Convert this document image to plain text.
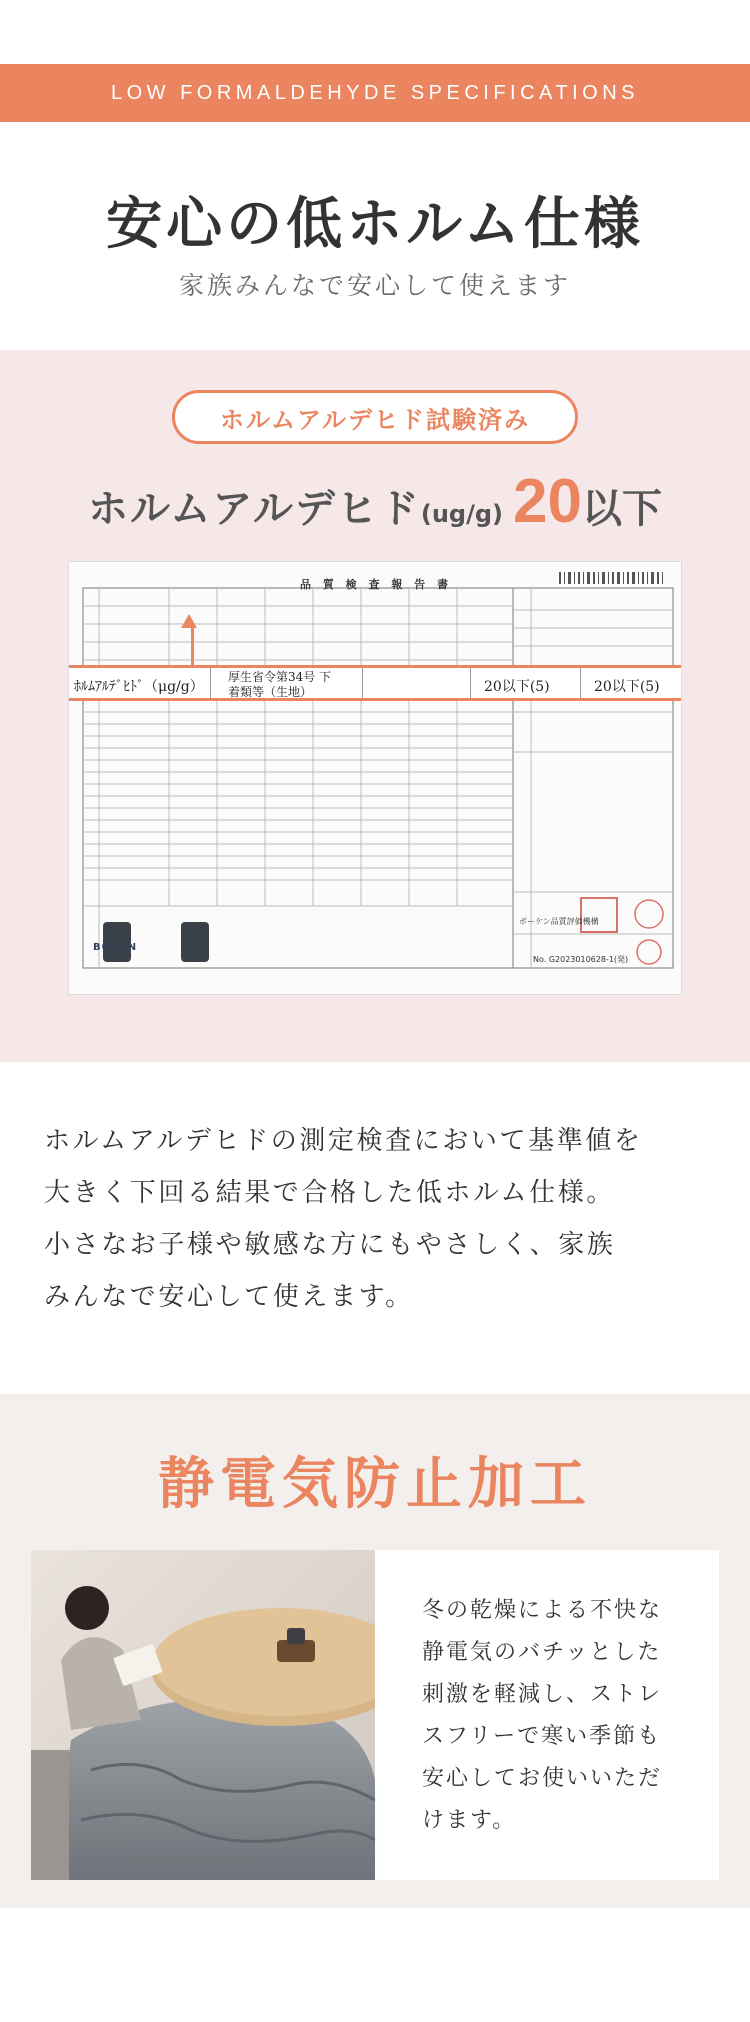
LOW FORMALDEHYDE SPECIFICATIONS
安心の低ホルム仕様
家族みんなで安心して使えます
ホルムアルデヒド試験済み
ホルムアルデヒド(ug/g) 20以下
品 質 検 査 報 告 書
BOKEN
ボーケン品質評価機構
No. G2023010628-1(発)
ﾎﾙﾑｱﾙﾃﾞﾋﾄﾞ（μg/g）
厚生省令第34号 下着類等（生地）	20以下(5)	20以下(5)
ホルムアルデヒドの測定検査において基準値を
大きく下回る結果で合格した低ホルム仕様。
小さなお子様や敏感な方にもやさしく、家族
みんなで安心して使えます。
静電気防止加工

冬の乾燥による不快な
静電気のバチッとした
刺激を軽減し、ストレ
スフリーで寒い季節も
安心してお使いいただ
けます。
